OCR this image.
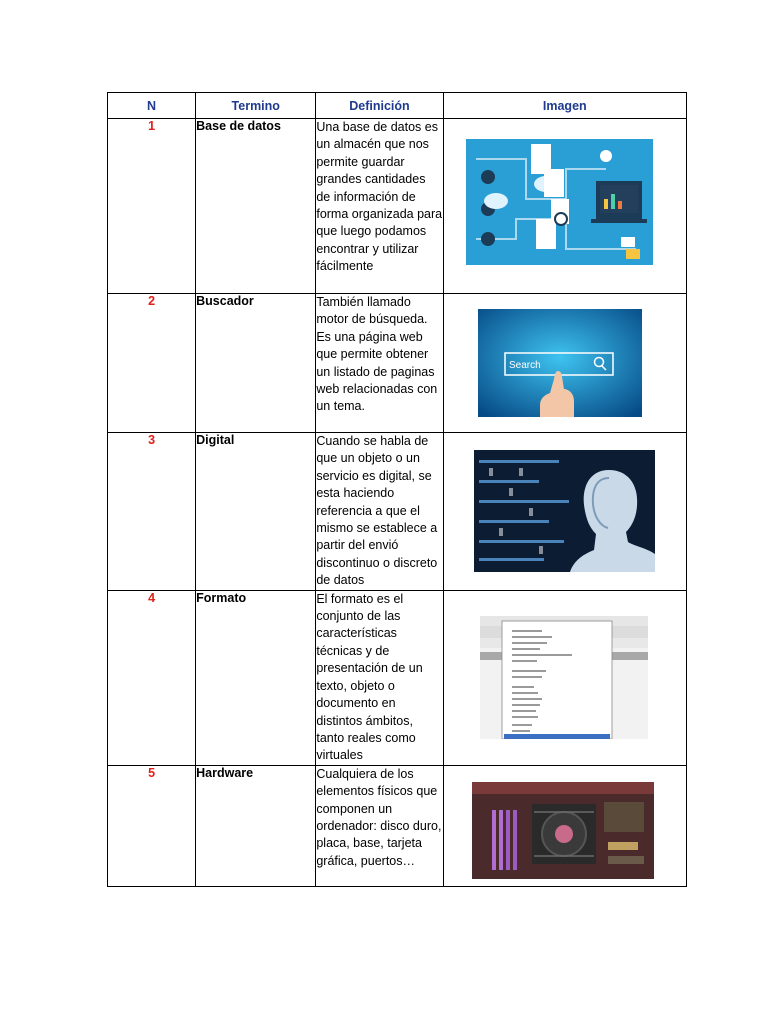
N	Termino	Definición	Imagen
1	Base de datos	Una base de datos es un almacén que nos permite guardar grandes cantidades de información de forma organizada para que luego podamos encontrar y utilizar fácilmente	

2	Buscador	También llamado motor de búsqueda. Es una página web que permite obtener un listado de paginas web relacionadas con un tema.	Search

3	Digital	Cuando se habla de que un objeto o un servicio es digital, se esta haciendo referencia a que el mismo se establece a partir del envió discontinuo o discreto de datos	

4	Formato	El formato es el conjunto de las características técnicas y de presentación de un texto, objeto o documento en distintos ámbitos, tanto reales como virtuales	

5	Hardware	Cualquiera de los elementos físicos que componen un ordenador: disco duro, placa, base, tarjeta gráfica, puertos…	
